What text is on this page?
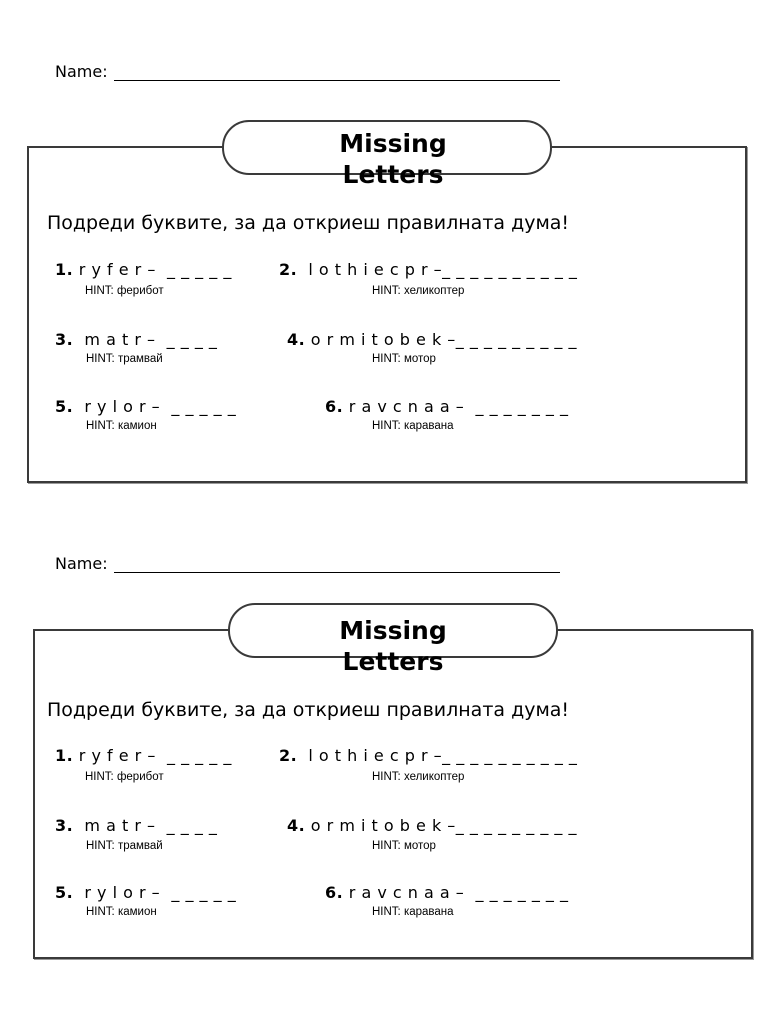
Name:
Missing Letters
Подреди буквите, за да откриеш правилната дума!
1. r y f e r –  _ _ _ _ _
HINT: ферибот
2.  l o t h i e c p r –_ _ _ _ _ _ _ _ _ _
HINT: хеликоптер
3.  m a t r –  _ _ _ _
HINT: трамвай
4. o r m i t o b e k –_ _ _ _ _ _ _ _ _
HINT: мотор
5.  r y l o r –  _ _ _ _ _
HINT: камион
6. r a v c n a a –  _ _ _ _ _ _ _
HINT: каравана
Name:
Missing Letters
Подреди буквите, за да откриеш правилната дума!
1. r y f e r –  _ _ _ _ _
HINT: ферибот
2.  l o t h i e c p r –_ _ _ _ _ _ _ _ _ _
HINT: хеликоптер
3.  m a t r –  _ _ _ _
HINT: трамвай
4. o r m i t o b e k –_ _ _ _ _ _ _ _ _
HINT: мотор
5.  r y l o r –  _ _ _ _ _
HINT: камион
6. r a v c n a a –  _ _ _ _ _ _ _
HINT: каравана
